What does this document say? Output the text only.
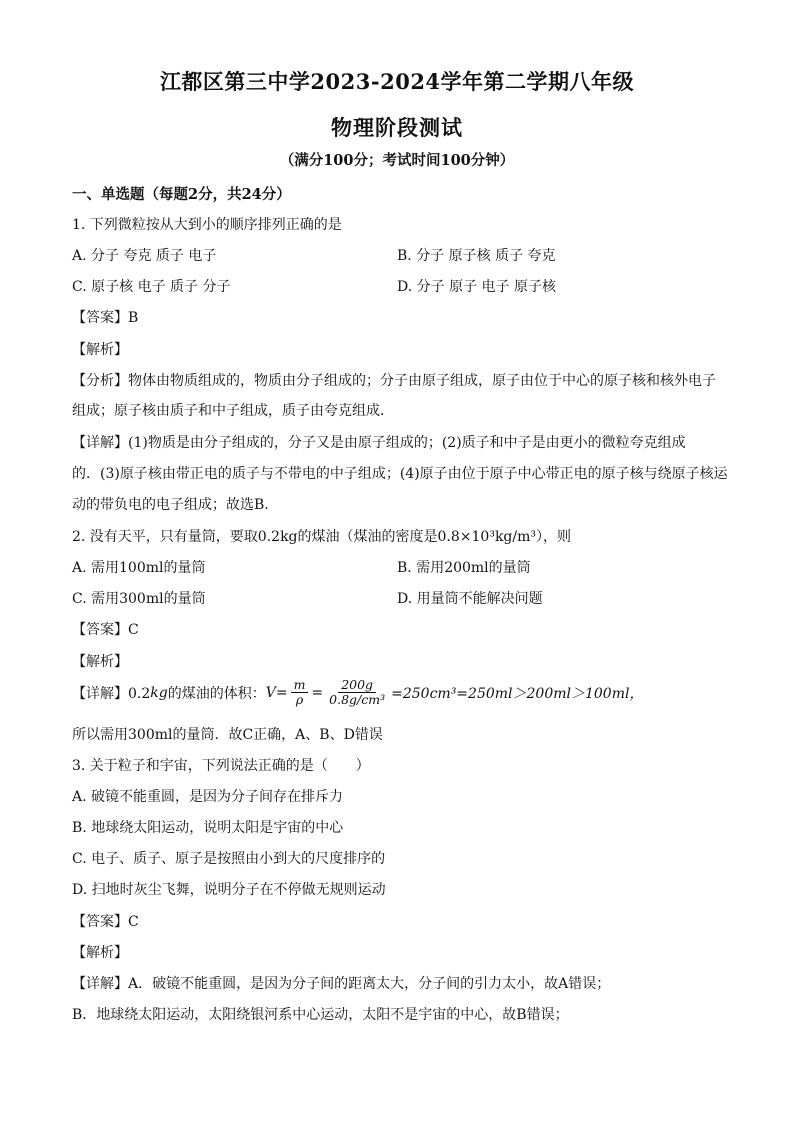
江都区第三中学2023-2024学年第二学期八年级
物理阶段测试
（满分100分；考试时间100分钟）
一、单选题（每题2分，共24分）
1. 下列微粒按从大到小的顺序排列正确的是
A. 分子 夸克 质子 电子	B. 分子 原子核 质子 夸克
C. 原子核 电子 质子 分子	D. 分子 原子 电子 原子核
【答案】B
【解析】
【分析】物体由物质组成的，物质由分子组成的；分子由原子组成，原子由位于中心的原子核和核外电子
组成；原子核由质子和中子组成，质子由夸克组成．
【详解】(1)物质是由分子组成的，分子又是由原子组成的；(2)质子和中子是由更小的微粒夸克组成
的．(3)原子核由带正电的质子与不带电的中子组成；(4)原子由位于原子中心带正电的原子核与绕原子核运
动的带负电的电子组成；故选B.
2. 没有天平，只有量筒，要取0.2kg的煤油（煤油的密度是0.8×10³kg/m³），则
A. 需用100ml的量筒	B. 需用200ml的量筒
C. 需用300ml的量筒	D. 用量筒不能解决问题
【答案】C
【解析】
【详解】0.2 kg 的煤油的体积： $V= \frac{m}{\rho} = \frac{200g}{\text{0.8g/cm³}} =250cm^3=250ml>200ml>100ml$，
所以需用300ml的量筒．故C正确，A、B、D错误
3. 关于粒子和宇宙，下列说法正确的是（　　）
A. 破镜不能重圆，是因为分子间存在排斥力
B. 地球绕太阳运动，说明太阳是宇宙的中心
C. 电子、质子、原子是按照由小到大的尺度排序的
D. 扫地时灰尘飞舞，说明分子在不停做无规则运动
【答案】C
【解析】
【详解】A．破镜不能重圆，是因为分子间的距离太大，分子间的引力太小，故A错误；
B．地球绕太阳运动，太阳绕银河系中心运动，太阳不是宇宙的中心，故B错误；
